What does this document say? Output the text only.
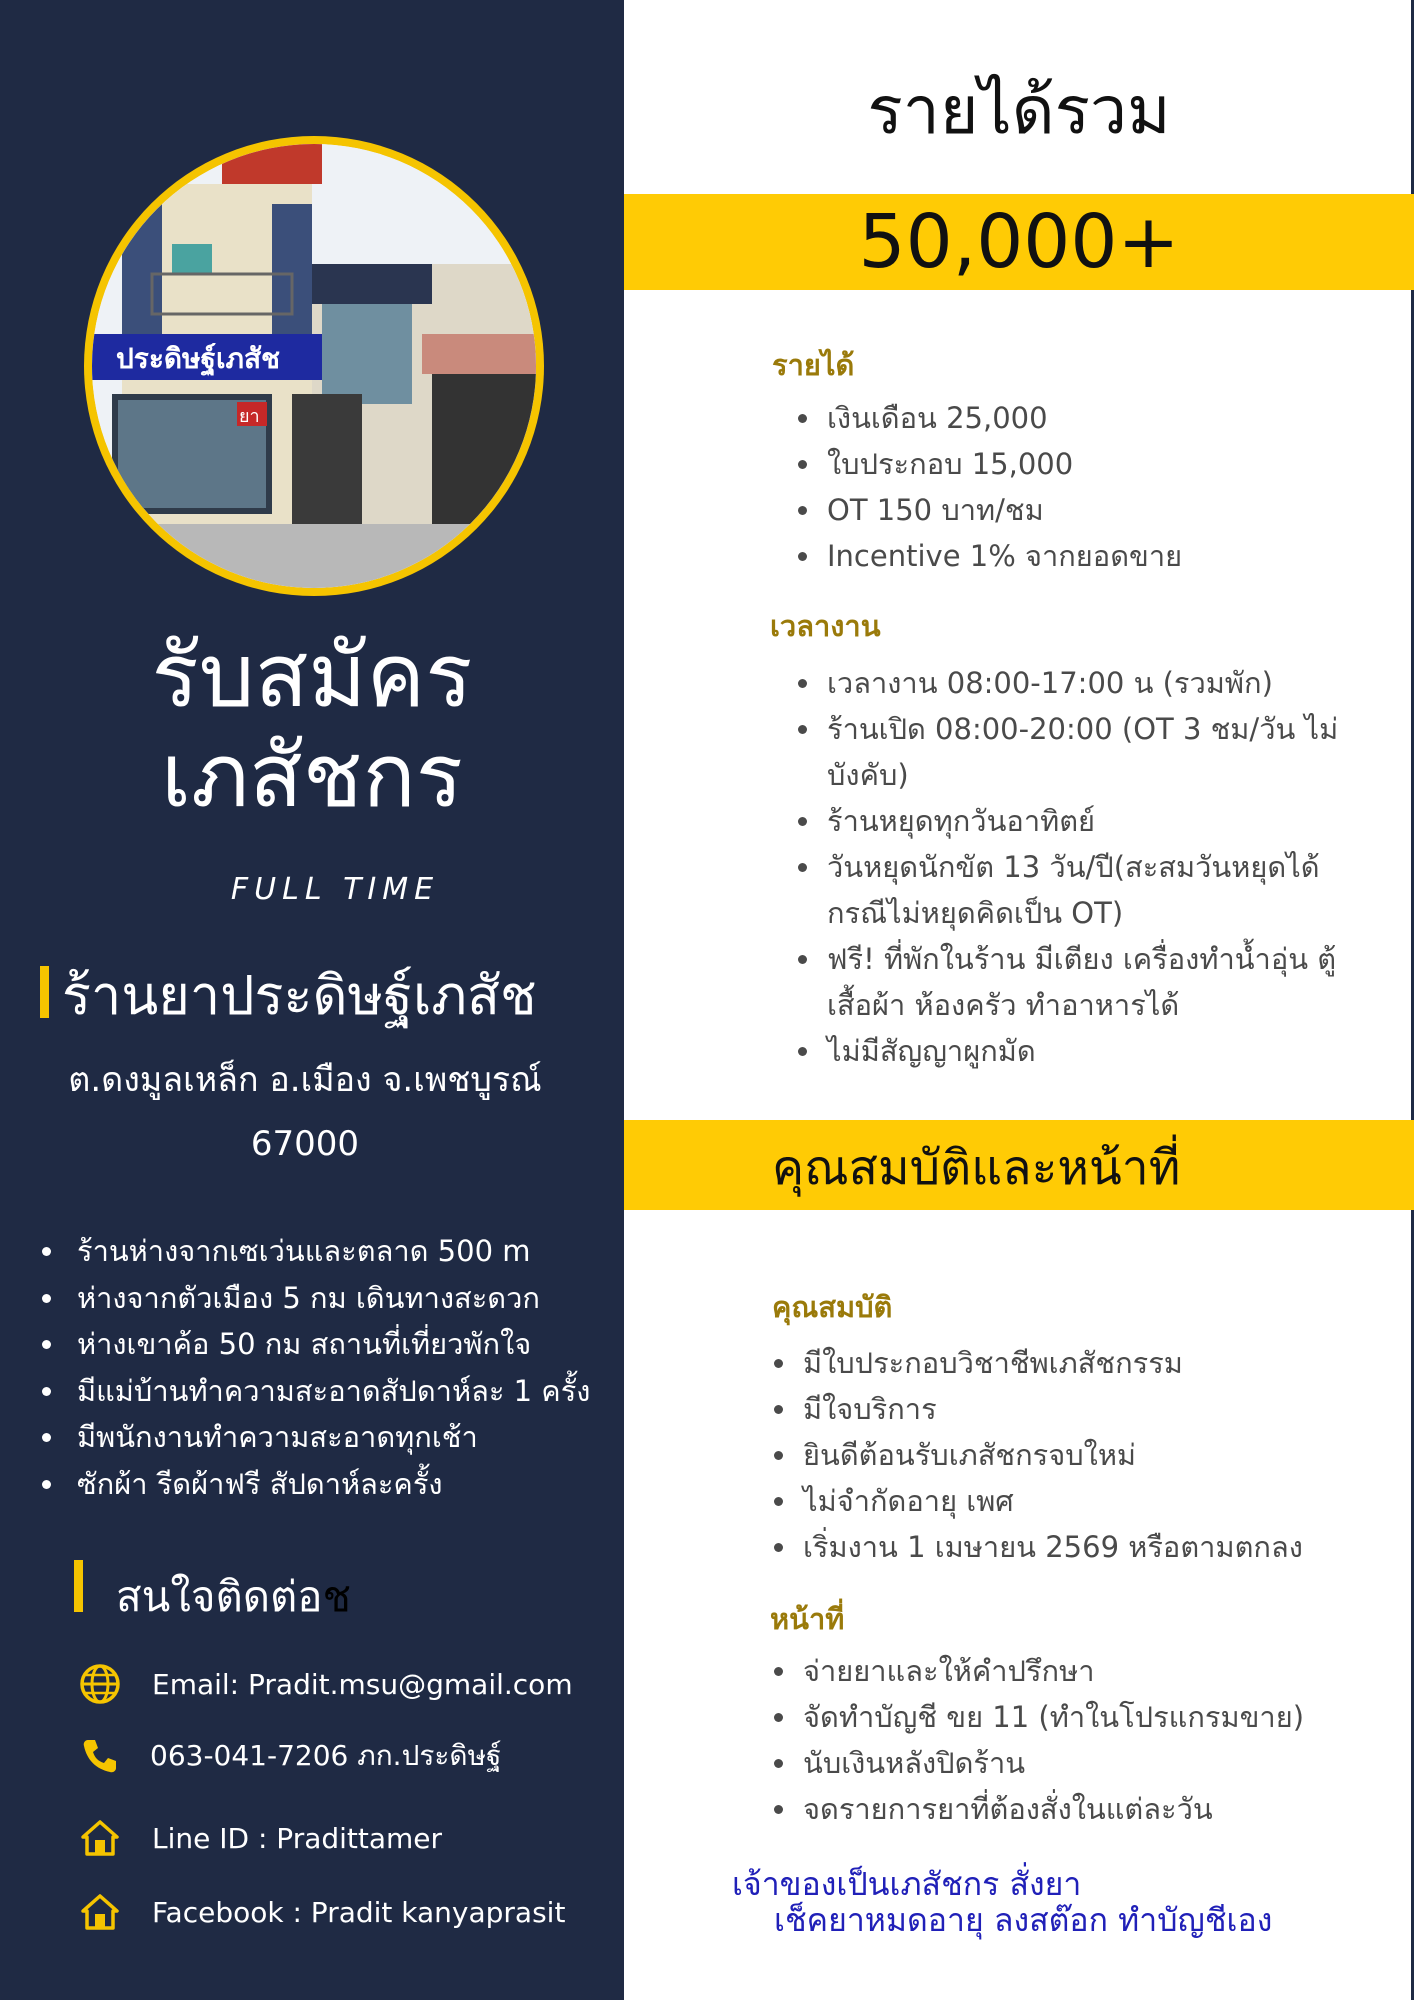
ประดิษฐ์เภสัช
ยา
รับสมัคร
เภสัชกร
FULL TIME
ร้านยาประดิษฐ์เภสัช
ต.ดงมูลเหล็ก อ.เมือง จ.เพชบูรณ์
67000
ร้านห่างจากเซเว่นและตลาด 500 m
ห่างจากตัวเมือง 5 กม เดินทางสะดวก
ห่างเขาค้อ 50 กม สถานที่เที่ยวพักใจ
มีแม่บ้านทำความสะอาดสัปดาห์ละ 1 ครั้ง
มีพนักงานทำความสะอาดทุกเช้า
ซักผ้า รีดผ้าฟรี สัปดาห์ละครั้ง
สนใจติดต่อช
Email: Pradit.msu@gmail.com
063-041-7206 ภก.ประดิษฐ์
Line ID : Pradittamer
Facebook : Pradit kanyaprasit
รายได้รวม
50,000+
รายได้
เงินเดือน 25,000
ใบประกอบ 15,000
OT 150 บาท/ชม
Incentive 1% จากยอดขาย
เวลางาน
เวลางาน 08:00-17:00 น (รวมพัก)
ร้านเปิด 08:00-20:00 (OT 3 ชม/วัน ไม่บังคับ)
ร้านหยุดทุกวันอาทิตย์
วันหยุดนักขัต 13 วัน/ปี(สะสมวันหยุดได้ กรณีไม่หยุดคิดเป็น OT)
ฟรี! ที่พักในร้าน มีเตียง เครื่องทำน้ำอุ่น ตู้เสื้อผ้า ห้องครัว ทำอาหารได้
ไม่มีสัญญาผูกมัด
คุณสมบัติและหน้าที่
คุณสมบัติ
มีใบประกอบวิชาชีพเภสัชกรรม
มีใจบริการ
ยินดีต้อนรับเภสัชกรจบใหม่
ไม่จำกัดอายุ เพศ
เริ่มงาน 1 เมษายน 2569 หรือตามตกลง
หน้าที่
จ่ายยาและให้คำปรึกษา
จัดทำบัญชี ขย 11 (ทำในโปรแกรมขาย)
นับเงินหลังปิดร้าน
จดรายการยาที่ต้องสั่งในแต่ละวัน
เจ้าของเป็นเภสัชกร สั่งยา
เช็คยาหมดอายุ ลงสต๊อก ทำบัญชีเอง
